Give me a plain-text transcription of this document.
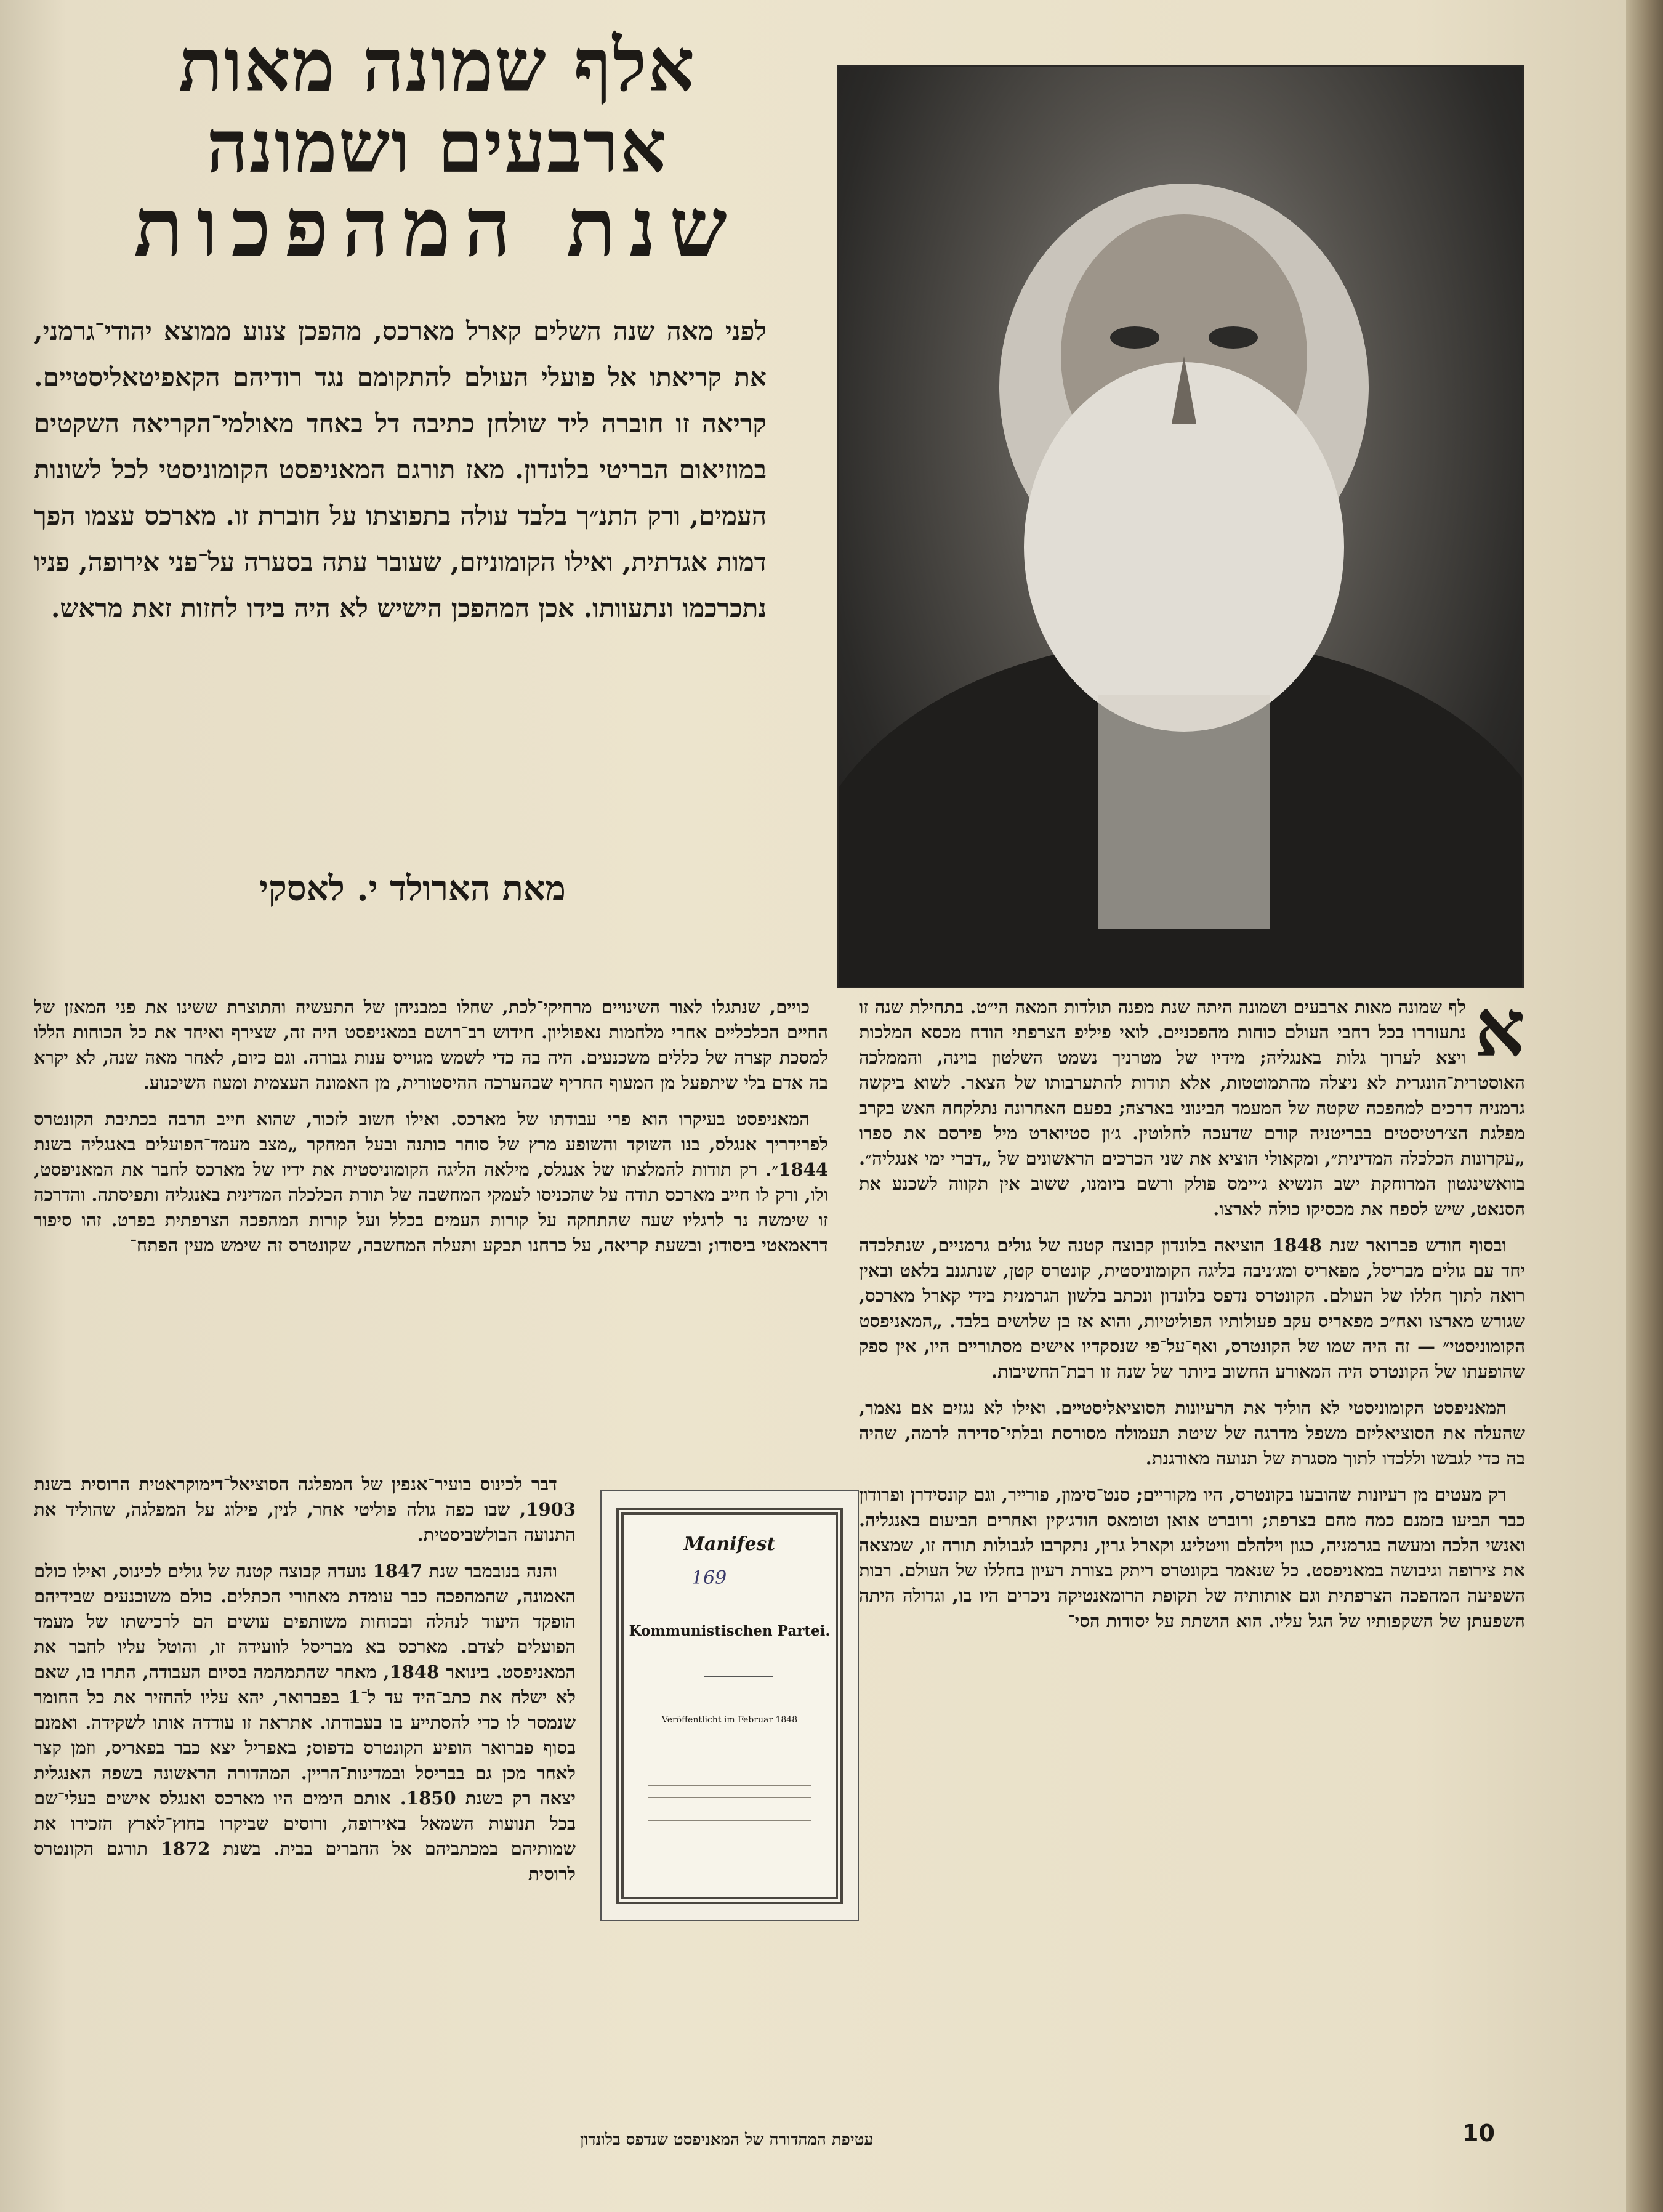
אלף שמונה מאות
ארבעים ושמונה
שנת המהפכות
לפני מאה שנה השלים קארל מארכס, מהפכן צנוע ממוצא יהודי־גרמני, את קריאתו אל פועלי העולם להתקומם נגד רודיהם הקאפיטאליסטיים. קריאה זו חוברה ליד שולחן כתיבה דל באחד מאולמי־הקריאה השקטים במוזיאום הבריטי בלונדון. מאז תורגם המאניפסט הקומוניסטי לכל לשונות העמים, ורק התנ״ך בלבד עולה בתפוצתו על חוברת זו. מארכס עצמו הפך דמות אגדתית, ואילו הקומוניזם, שעובר עתה בסערה על־פני אירופה, פניו נתכרכמו ונתעוותו. אכן המהפכן הישיש לא היה בידו לחזות זאת מראש.
מאת הארולד י. לאסקי

א
לף שמונה מאות ארבעים ושמונה היתה שנת מפנה תולדות המאה הי״ט. בתחילת שנה זו נתעוררו בכל רחבי העולם כוחות מהפכניים. לואי פיליפ הצרפתי הודח מכסא המלכות ויצא לערוך גלות באנגליה; מידיו של מטרניך נשמט השלטון בוינה, והממלכה האוסטרית־הונגרית לא ניצלה מהתמוטטות, אלא תודות להתערבותו של הצאר. לשוא ביקשה גרמניה דרכים למהפכה שקטה של המעמד הבינוני בארצה; בפעם האחרונה נתלקחה האש בקרב מפלגת הצ׳רטיסטים בבריטניה קודם שדעכה לחלוטין. ג׳ון סטיוארט מיל פירסם את ספרו „עקרונות הכלכלה המדינית״, ומקאולי הוציא את שני הכרכים הראשונים של „דברי ימי אנגליה״. בוואשינגטון המרוחקת ישב הנשיא ג׳יימס פולק ורשם ביומנו, ששוב אין תקווה לשכנע את הסנאט, שיש לספח את מכסיקו כולה לארצו.

ובסוף חודש פברואר שנת 1848 הוציאה בלונדון קבוצה קטנה של גולים גרמניים, שנתלכדה יחד עם גולים מבריסל, מפאריס ומג׳ניבה בליגה הקומוניסטית, קונטרס קטן, שנתגנב בלאט ובאין רואה לתוך חללו של העולם. הקונטרס נדפס בלונדון ונכתב בלשון הגרמנית בידי קארל מארכס, שגורש מארצו ואח״כ מפאריס עקב פעולותיו הפוליטיות, והוא אז בן שלושים בלבד. „המאניפסט הקומוניסטי״ — זה היה שמו של הקונטרס, ואף־על־פי שנסקדיו אישים מסתוריים היו, אין ספק שהופעתו של הקונטרס היה המאורע החשוב ביותר של שנה זו רבת־החשיבות.

המאניפסט הקומוניסטי לא הוליד את הרעיונות הסוציאליסטיים. ואילו לא נגזים אם נאמר, שהעלה את הסוציאליזם משפל מדרגה של שיטת תעמולה מסורסת ובלתי־סדירה לרמה, שהיה בה כדי לגבשו וללכדו לתוך מסגרת של תנועה מאורגנת.

רק מעטים מן רעיונות שהובעו בקונטרס, היו מקוריים; סנט־סימון, פורייר, וגם קונסידרן ופרודון כבר הביעו בזמנם כמה מהם בצרפת; ורוברט אואן וטומאס הודג׳קין ואחרים הביעום באנגליה. ואנשי הלכה ומעשה בגרמניה, כגון וילהלם וויטלינג וקארל גרין, נתקרבו לגבולות תורה זו, שמצאה את צירופה וגיבושה במאניפסט. כל שנאמר בקונטרס ריתק בצורת רעיון בחללו של העולם. רבות השפיעה המהפכה הצרפתית וגם אותותיה של תקופת הרומאנטיקה ניכרים היו בו, וגדולה היתה השפעתן של השקפותיו של הגל עליו. הוא הושתת על יסודות הסי־

כויים, שנתגלו לאור השינויים מרחיקי־לכת, שחלו במבניהן של התעשיה והתוצרת ששינו את פני המאזן של החיים הכלכליים אחרי מלחמות נאפוליון. חידוש רב־רושם במאניפסט היה זה, שצירף ואיחד את כל הכוחות הללו למסכת קצרה של כללים משכנעים. היה בה כדי לשמש מגוייס ענות גבורה. וגם כיום, לאחר מאה שנה, לא יקרא בה אדם בלי שיתפעל מן המעוף החריף שבהערכה ההיסטורית, מן האמונה העצמית ומעוז השיכנוע.

המאניפסט בעיקרו הוא פרי עבודתו של מארכס. ואילו חשוב לזכור, שהוא חייב הרבה בכתיבת הקונטרס לפרידריך אנגלס, בנו השוקד והשופע מרץ של סוחר כותנה ובעל המחקר „מצב מעמד־הפועלים באנגליה בשנת 1844״. רק תודות להמלצתו של אנגלס, מילאה הליגה הקומוניסטית את ידיו של מארכס לחבר את המאניפסט, ולו, ורק לו חייב מארכס תודה על שהכניסו לעמקי המחשבה של תורת הכלכלה המדינית באנגליה ותפיסתה. והדרכה זו שימשה נר לרגליו שעה שהתחקה על קורות העמים בכלל ועל קורות המהפכה הצרפתית בפרט. זהו סיפור דראמאטי ביסודו; ובשעת קריאה, על כרחנו תבקע ותעלה המחשבה, שקונטרס זה שימש מעין הפתח־

דבר לכינוס בועיר־אנפין של המפלגה הסוציאל־דימוקראטית הרוסית בשנת 1903, שבו כפה גולה פוליטי אחר, לנין, פילוג על המפלגה, שהוליד את התנועה הבולשביסטית.

והנה בנובמבר שנת 1847 נועדה קבוצה קטנה של גולים לכינוס, ואילו כולם האמונה, שהמהפכה כבר עומדת מאחורי הכתלים. כולם משוכנעים שבידיהם הופקד היעוד לנהלה ובכוחות משותפים עושים הם לרכישתו של מעמד הפועלים לצדם. מארכס בא מבריסל לוועידה זו, והוטל עליו לחבר את המאניפסט. בינואר 1848, מאחר שהתמהמה בסיום העבודה, התרו בו, שאם לא ישלח את כתב־היד עד ל־1 בפברואר, יהא עליו להחזיר את כל החומר שנמסר לו כדי להסתייע בו בעבודתו. אתראה זו עודדה אותו לשקידה. ואמנם בסוף פברואר הופיע הקונטרס בדפוס; באפריל יצא כבר בפאריס, וזמן קצר לאחר מכן גם בבריסל ובמדינות־הריין. המהדורה הראשונה בשפה האנגלית יצאה רק בשנת 1850. אותם הימים היו מארכס ואנגלס אישים בעלי־שם בכל תנועות השמאל באירופה, ורוסים שביקרו בחוץ־לארץ הזכירו את שמותיהם במכתביהם אל החברים בבית. בשנת 1872 תורגם הקונטרס לרוסית

Manifest
169
Kommunistischen Partei.
Veröffentlicht im Februar 1848
עטיפת המהדורה של המאניפסט שנדפס בלונדון	10
